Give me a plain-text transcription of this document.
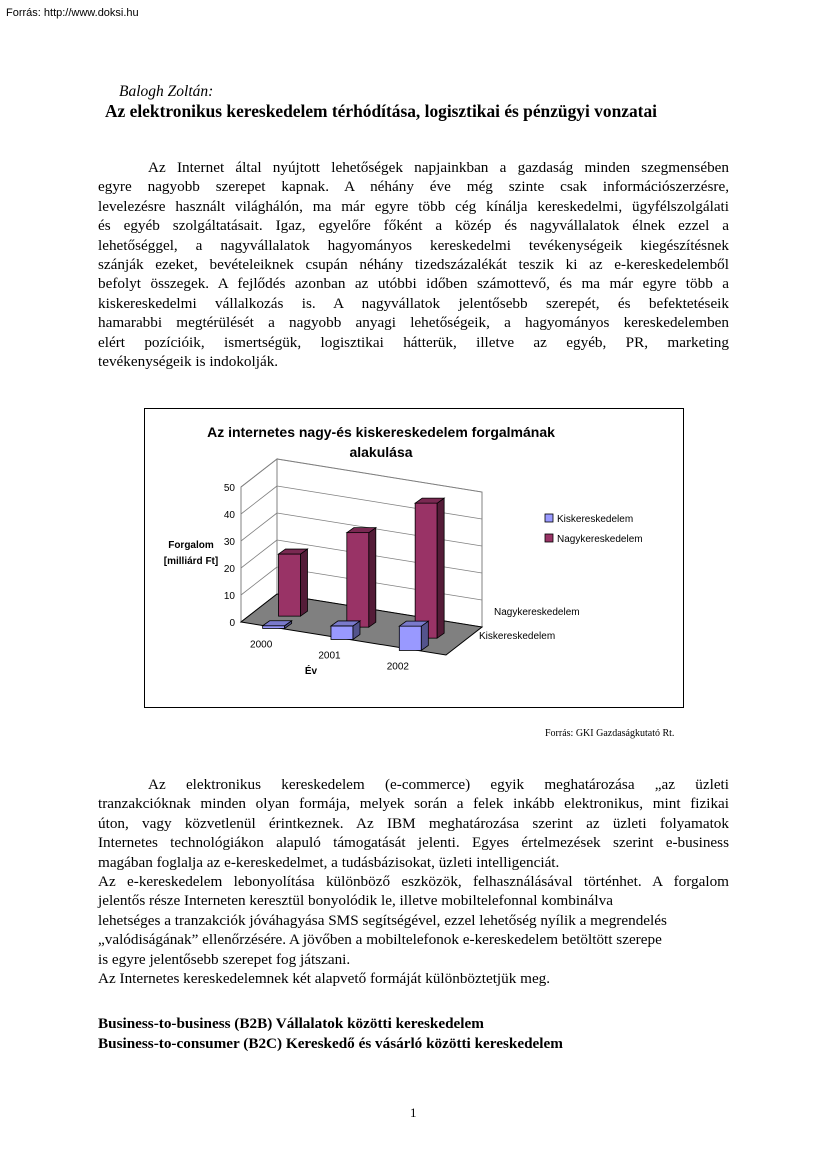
Forrás: http://www.doksi.hu
Balogh Zoltán:
Az elektronikus kereskedelem térhódítása, logisztikai és pénzügyi vonzatai
Az Internet által nyújtott lehetőségek napjainkban a gazdaság minden szegmensében
egyre nagyobb szerepet kapnak. A néhány éve még szinte csak információszerzésre,
levelezésre használt világhálón, ma már egyre több cég kínálja kereskedelmi, ügyfélszolgálati
és egyéb szolgáltatásait. Igaz, egyelőre főként a közép és nagyvállalatok élnek ezzel a
lehetőséggel, a nagyvállalatok hagyományos kereskedelmi tevékenységeik kiegészítésnek
szánják ezeket, bevételeiknek csupán néhány tizedszázalékát teszik ki az e-kereskedelemből
befolyt összegek. A fejlődés azonban az utóbbi időben számottevő, és ma már egyre több a
kiskereskedelmi vállalkozás is. A nagyvállatok jelentősebb szerepét, és befektetéseik
hamarabbi megtérülését a nagyobb anyagi lehetőségeik, a hagyományos kereskedelemben
elért pozícióik, ismertségük, logisztikai hátterük, illetve az egyéb, PR, marketing
tevékenységeik is indokolják.
Az internetes nagy-és kiskereskedelem forgalmának
alakulása
0
10
20
30
40
50
Forgalom
[milliárd Ft]
2000
2001
2002
Év
Nagykereskedelem
Kiskereskedelem
Kiskereskedelem
Nagykereskedelem
Forrás: GKI Gazdaságkutató Rt.
Az elektronikus kereskedelem (e-commerce) egyik meghatározása „az üzleti
tranzakcióknak minden olyan formája, melyek során a felek inkább elektronikus, mint fizikai
úton, vagy közvetlenül érintkeznek. Az IBM meghatározása szerint az üzleti folyamatok
Internetes technológiákon alapuló támogatását jelenti. Egyes értelmezések szerint e-business
magában foglalja az e-kereskedelmet, a tudásbázisokat, üzleti intelligenciát.
Az e-kereskedelem lebonyolítása különböző eszközök, felhasználásával történhet. A forgalom
jelentős része Interneten keresztül bonyolódik le, illetve mobiltelefonnal kombinálva
lehetséges a tranzakciók jóváhagyása SMS segítségével, ezzel lehetőség nyílik a megrendelés
„valódiságának” ellenőrzésére. A jövőben a mobiltelefonok e-kereskedelem betöltött szerepe
is egyre jelentősebb szerepet fog játszani.
Az Internetes kereskedelemnek két alapvető formáját különböztetjük meg.
Business-to-business (B2B) Vállalatok közötti kereskedelem
Business-to-consumer (B2C) Kereskedő és vásárló közötti kereskedelem
1
